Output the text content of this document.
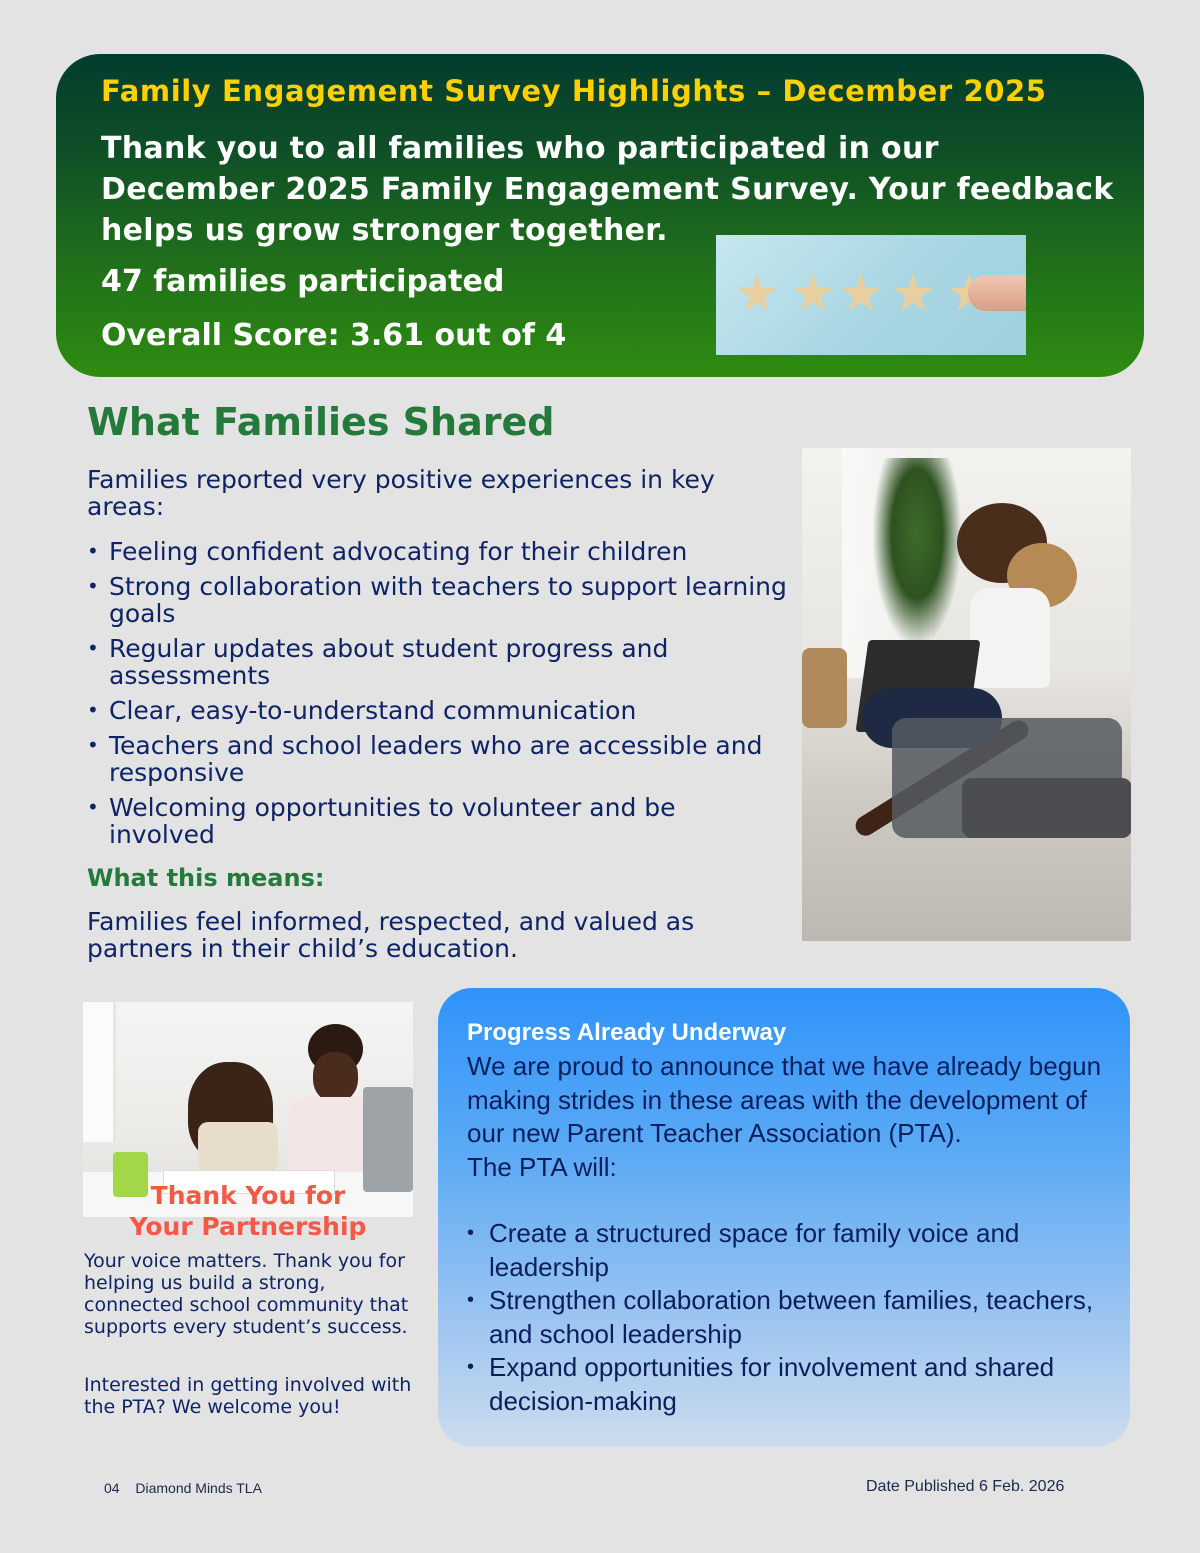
Family Engagement Survey Highlights – December 2025
Thank you to all families who participated in our December 2025 Family Engagement Survey. Your feedback helps us grow stronger together.
47 families participated
Overall Score: 3.61 out of 4
What Families Shared
Families reported very positive experiences in key areas:
• Feeling confident advocating for their children
• Strong collaboration with teachers to support learning goals
• Regular updates about student progress and assessments
• Clear, easy-to-understand communication
• Teachers and school leaders who are accessible and responsive
• Welcoming opportunities to volunteer and be involved
What this means:
Families feel informed, respected, and valued as partners in their child’s education.
Thank You for
Your Partnership
Your voice matters. Thank you for helping us build a strong, connected school community that supports every student’s success.
Interested in getting involved with the PTA? We welcome you!
Progress Already Underway
We are proud to announce that we have already begun making strides in these areas with the development of our new Parent Teacher Association (PTA).
The PTA will:
• Create a structured space for family voice and leadership
• Strengthen collaboration between families, teachers, and school leadership
• Expand opportunities for involvement and shared decision-making
04 Diamond Minds TLA	Date Published 6 Feb. 2026
